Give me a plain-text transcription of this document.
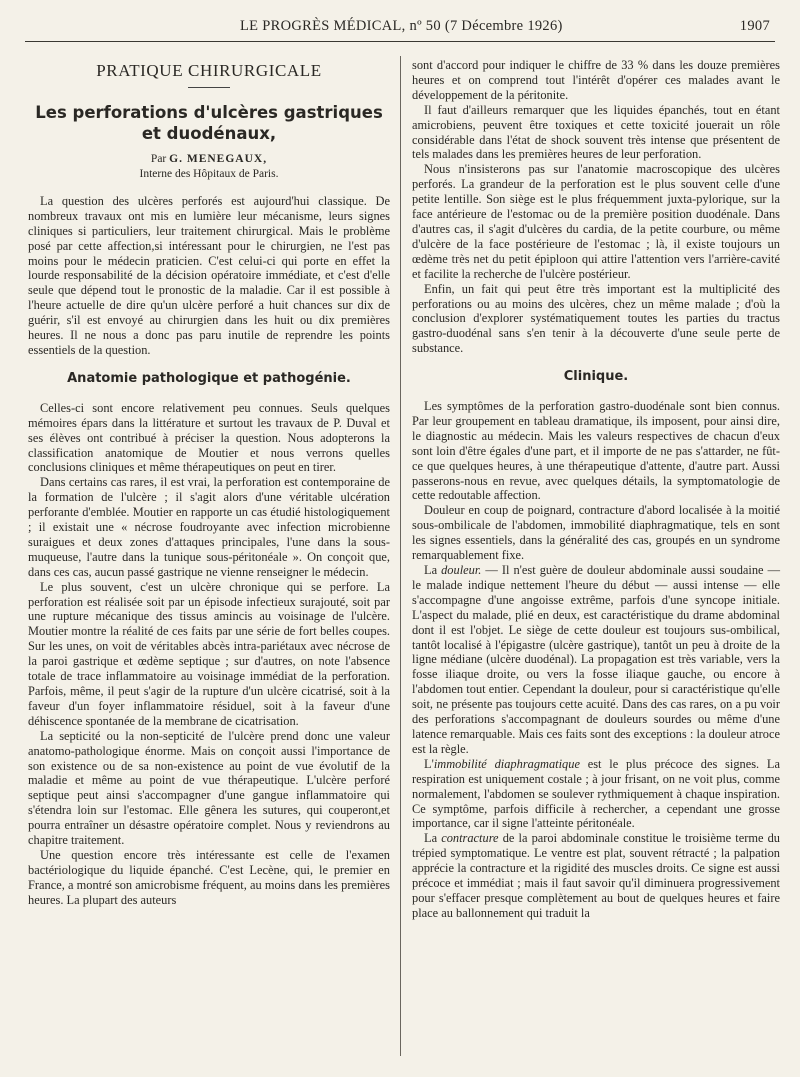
LE PROGRÈS MÉDICAL, nº 50 (7 Décembre 1926)	1907
PRATIQUE CHIRURGICALE
Les perforations d'ulcères gastriques
et duodénaux,
Par G. MENEGAUX,
Interne des Hôpitaux de Paris.

La question des ulcères perforés est aujourd'hui classique. De nombreux travaux ont mis en lumière leur mécanisme, leurs signes cliniques si particuliers, leur traitement chirurgical. Mais le problème posé par cette affection,si intéressant pour le chirurgien, ne l'est pas moins pour le médecin praticien. C'est celui-ci qui porte en effet la lourde responsabilité de la décision opératoire immédiate, et c'est d'elle seule que dépend tout le pronostic de la maladie. Car il est possible à l'heure actuelle de dire qu'un ulcère perforé a huit chances sur dix de guérir, s'il est envoyé au chirurgien dans les huit ou dix premières heures. Il ne nous a donc pas paru inutile de reprendre les points essentiels de la question.

Anatomie pathologique et pathogénie.

Celles-ci sont encore relativement peu connues. Seuls quelques mémoires épars dans la littérature et surtout les travaux de P. Duval et ses élèves ont contribué à préciser la question. Nous adopterons la classification anatomique de Moutier et nous verrons quelles conclusions cliniques et même thérapeutiques on peut en tirer.

Dans certains cas rares, il est vrai, la perforation est contemporaine de la formation de l'ulcère ; il s'agit alors d'une véritable ulcération perforante d'emblée. Moutier en rapporte un cas étudié histologiquement ; il existait une « nécrose foudroyante avec infection microbienne suraigues et deux zones d'attaques principales, l'une dans la sous-muqueuse, l'autre dans la tunique sous-péritonéale ». On conçoit que, dans ces cas, aucun passé gastrique ne vienne renseigner le médecin.

Le plus souvent, c'est un ulcère chronique qui se perfore. La perforation est réalisée soit par un épisode infectieux surajouté, soit par une rupture mécanique des tissus amincis au voisinage de l'ulcère. Moutier montre la réalité de ces faits par une série de fort belles coupes. Sur les unes, on voit de véritables abcès intra-pariétaux avec nécrose de la paroi gastrique et œdème septique ; sur d'autres, on note l'absence totale de trace inflammatoire au voisinage immédiat de la perforation. Parfois, même, il peut s'agir de la rupture d'un ulcère cicatrisé, soit à la faveur d'un foyer inflammatoire résiduel, soit à la faveur d'une déhiscence spontanée de la membrane de cicatrisation.

La septicité ou la non-septicité de l'ulcère prend donc une valeur anatomo-pathologique énorme. Mais on conçoit aussi l'importance de son existence ou de sa non-existence au point de vue évolutif de la maladie et même au point de vue thérapeutique. L'ulcère perforé septique peut ainsi s'accompagner d'une gangue inflammatoire qui s'étendra loin sur l'estomac. Elle gênera les sutures, qui couperont,et pourra entraîner un désastre opératoire complet. Nous y reviendrons au chapitre traitement.

Une question encore très intéressante est celle de l'examen bactériologique du liquide épanché. C'est Lecène, qui, le premier en France, a montré son amicrobisme fréquent, au moins dans les premières heures. La plupart des auteurs

sont d'accord pour indiquer le chiffre de 33 % dans les douze premières heures et on comprend tout l'intérêt d'opérer ces malades avant le développement de la péritonite.

Il faut d'ailleurs remarquer que les liquides épanchés, tout en étant amicrobiens, peuvent être toxiques et cette toxicité jouerait un rôle considérable dans l'état de shock souvent très intense que présentent de tels malades dans les premières heures de leur perforation.

Nous n'insisterons pas sur l'anatomie macroscopique des ulcères perforés. La grandeur de la perforation est le plus souvent celle d'une petite lentille. Son siège est le plus fréquemment juxta-pylorique, sur la face antérieure de l'estomac ou de la première position duodénale. Dans d'autres cas, il s'agit d'ulcères du cardia, de la petite courbure, ou même d'ulcère de la face postérieure de l'estomac ; là, il existe toujours un œdème très net du petit épiploon qui attire l'attention vers l'arrière-cavité et facilite la recherche de l'ulcère postérieur.

Enfin, un fait qui peut être très important est la multiplicité des perforations ou au moins des ulcères, chez un même malade ; d'où la conclusion d'explorer systématiquement toutes les parties du tractus gastro-duodénal sans s'en tenir à la découverte d'une seule perte de substance.

Clinique.

Les symptômes de la perforation gastro-duodénale sont bien connus. Par leur groupement en tableau dramatique, ils imposent, pour ainsi dire, le diagnostic au médecin. Mais les valeurs respectives de chacun d'eux sont loin d'être égales d'une part, et il importe de ne pas s'attarder, ne fût-ce que quelques heures, à une thérapeutique d'attente, d'autre part. Aussi passerons-nous en revue, avec quelques détails, la symptomatologie de cette redoutable affection.

Douleur en coup de poignard, contracture d'abord localisée à la moitié sous-ombilicale de l'abdomen, immobilité diaphragmatique, tels en sont les signes essentiels, dans la généralité des cas, groupés en un syndrome remarquablement fixe.

La douleur. — Il n'est guère de douleur abdominale aussi soudaine — le malade indique nettement l'heure du début — aussi intense — elle s'accompagne d'une angoisse extrême, parfois d'une syncope initiale. L'aspect du malade, plié en deux, est caractéristique du drame abdominal dont il est l'objet. Le siège de cette douleur est toujours sus-ombilical, tantôt localisé à l'épigastre (ulcère gastrique), tantôt un peu à droite de la ligne médiane (ulcère duodénal). La propagation est très variable, vers la fosse iliaque droite, ou vers la fosse iliaque gauche, ou encore à l'abdomen tout entier. Cependant la douleur, pour si caractéristique qu'elle soit, ne présente pas toujours cette acuité. Dans des cas rares, on a pu voir des perforations s'accompagnant de douleurs sourdes ou même d'une latence remarquable. Mais ces faits sont des exceptions : la douleur atroce est la règle.

L'immobilité diaphragmatique est le plus précoce des signes. La respiration est uniquement costale ; à jour frisant, on ne voit plus, comme normalement, l'abdomen se soulever rythmiquement à chaque inspiration. Ce symptôme, parfois difficile à rechercher, a cependant une grosse importance, car il signe l'atteinte péritonéale.

La contracture de la paroi abdominale constitue le troisième terme du trépied symptomatique. Le ventre est plat, souvent rétracté ; la palpation apprécie la contracture et la rigidité des muscles droits. Ce signe est aussi précoce et immédiat ; mais il faut savoir qu'il diminuera progressivement pour s'effacer presque complètement au bout de quelques heures et faire place au ballonnement qui traduit la
